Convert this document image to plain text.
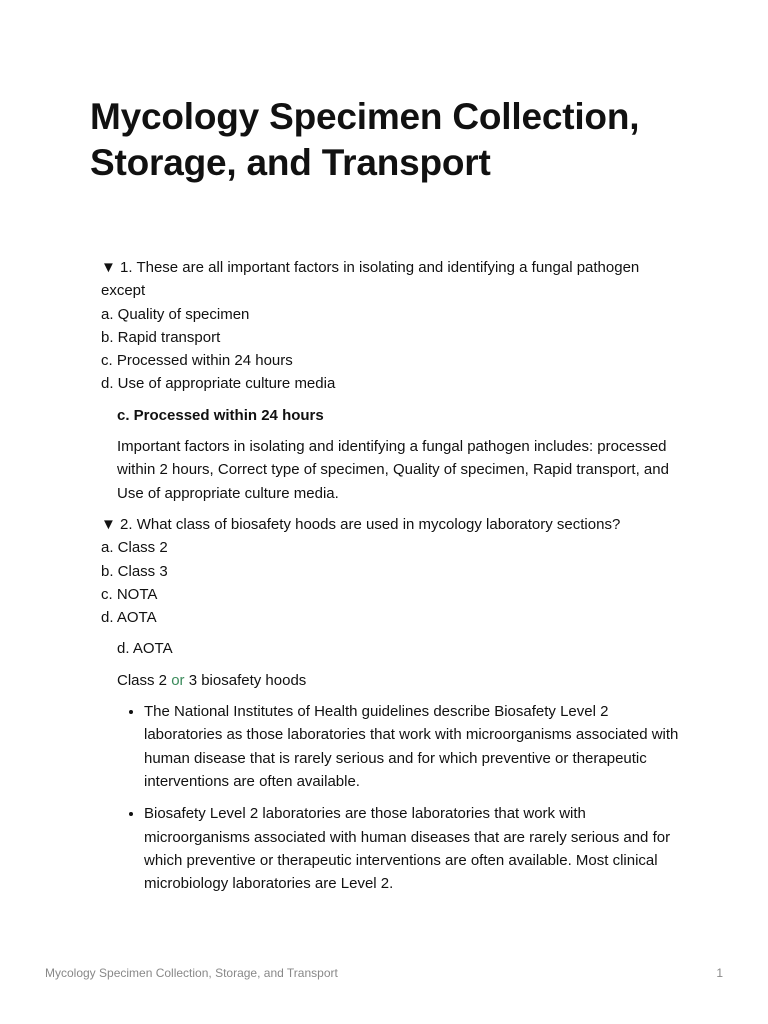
Mycology Specimen Collection, Storage, and Transport

▼ 1. These are all important factors in isolating and identifying a fungal pathogen except

a. Quality of specimen

b. Rapid transport

c. Processed within 24 hours

d. Use of appropriate culture media

c. Processed within 24 hours

Important factors in isolating and identifying a fungal pathogen includes: processed within 2 hours, Correct type of specimen, Quality of specimen, Rapid transport, and Use of appropriate culture media.

▼ 2. What class of biosafety hoods are used in mycology laboratory sections?

a. Class 2

b. Class 3

c. NOTA

d. AOTA

d. AOTA

Class 2 or 3 biosafety hoods

• The National Institutes of Health guidelines describe Biosafety Level 2 laboratories as those laboratories that work with microorganisms associated with human disease that is rarely serious and for which preventive or therapeutic interventions are often available.
• Biosafety Level 2 laboratories are those laboratories that work with microorganisms associated with human diseases that are rarely serious and for which preventive or therapeutic interventions are often available. Most clinical microbiology laboratories are Level 2.
Mycology Specimen Collection, Storage, and Transport	1
